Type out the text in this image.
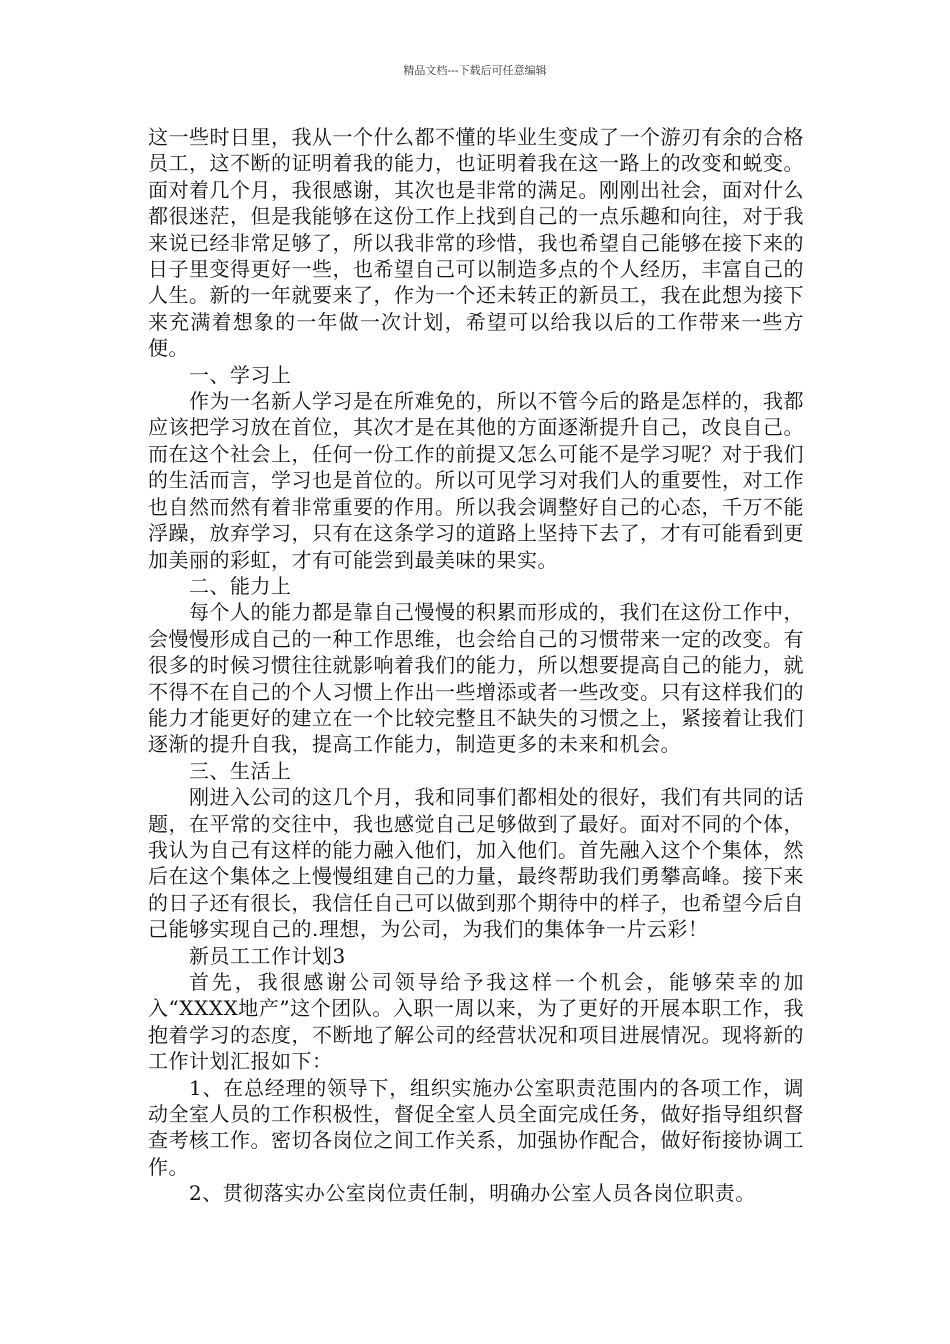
精品文档---下载后可任意编辑

这一些时日里，我从一个什么都不懂的毕业生变成了一个游刃有余的合格员工，这不断的证明着我的能力，也证明着我在这一路上的改变和蜕变。面对着几个月，我很感谢，其次也是非常的满足。刚刚出社会，面对什么都很迷茫，但是我能够在这份工作上找到自己的一点乐趣和向往，对于我来说已经非常足够了，所以我非常的珍惜，我也希望自己能够在接下来的日子里变得更好一些，也希望自己可以制造多点的个人经历，丰富自己的人生。新的一年就要来了，作为一个还未转正的新员工，我在此想为接下来充满着想象的一年做一次计划，希望可以给我以后的工作带来一些方便。

一、学习上

作为一名新人学习是在所难免的，所以不管今后的路是怎样的，我都应该把学习放在首位，其次才是在其他的方面逐渐提升自己，改良自己。而在这个社会上，任何一份工作的前提又怎么可能不是学习呢？对于我们的生活而言，学习也是首位的。所以可见学习对我们人的重要性，对工作也自然而然有着非常重要的作用。所以我会调整好自己的心态，千万不能浮躁，放弃学习，只有在这条学习的道路上坚持下去了，才有可能看到更加美丽的彩虹，才有可能尝到最美味的果实。

二、能力上

每个人的能力都是靠自己慢慢的积累而形成的，我们在这份工作中，会慢慢形成自己的一种工作思维，也会给自己的习惯带来一定的改变。有很多的时候习惯往往就影响着我们的能力，所以想要提高自己的能力，就不得不在自己的个人习惯上作出一些增添或者一些改变。只有这样我们的能力才能更好的建立在一个比较完整且不缺失的习惯之上，紧接着让我们逐渐的提升自我，提高工作能力，制造更多的未来和机会。

三、生活上

刚进入公司的这几个月，我和同事们都相处的很好，我们有共同的话题，在平常的交往中，我也感觉自己足够做到了最好。面对不同的个体，我认为自己有这样的能力融入他们，加入他们。首先融入这个个集体，然后在这个集体之上慢慢组建自己的力量，最终帮助我们勇攀高峰。接下来的日子还有很长，我信任自己可以做到那个期待中的样子，也希望今后自己能够实现自己的.理想，为公司，为我们的集体争一片云彩！

新员工工作计划3

首先，我很感谢公司领导给予我这样一个机会，能够荣幸的加入“XXXX地产”这个团队。入职一周以来，为了更好的开展本职工作，我抱着学习的态度，不断地了解公司的经营状况和项目进展情况。现将新的工作计划汇报如下：

1、在总经理的领导下，组织实施办公室职责范围内的各项工作，调动全室人员的工作积极性，督促全室人员全面完成任务，做好指导组织督查考核工作。密切各岗位之间工作关系，加强协作配合，做好衔接协调工作。

2、贯彻落实办公室岗位责任制，明确办公室人员各岗位职责。
